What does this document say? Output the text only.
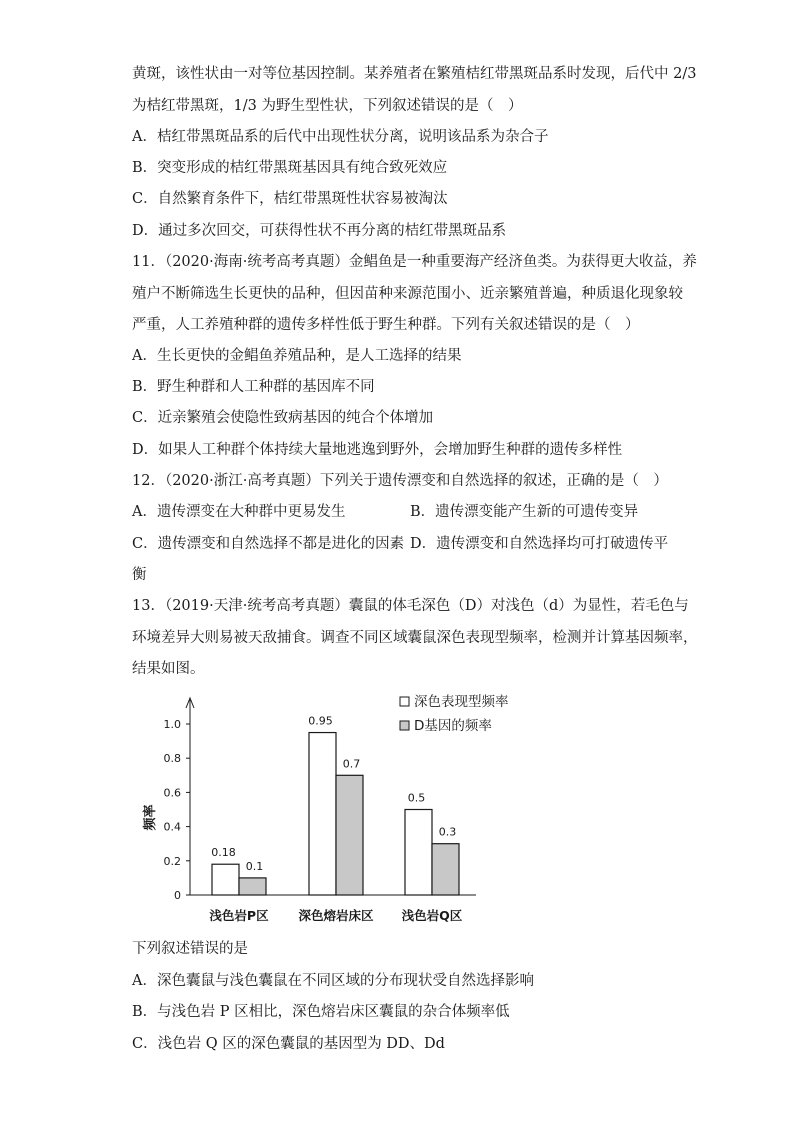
黄斑，该性状由一对等位基因控制。某养殖者在繁殖桔红带黑斑品系时发现，后代中 2/3
为桔红带黑斑，1/3 为野生型性状，下列叙述错误的是（　）
A．桔红带黑斑品系的后代中出现性状分离，说明该品系为杂合子
B．突变形成的桔红带黑斑基因具有纯合致死效应
C．自然繁育条件下，桔红带黑斑性状容易被淘汰
D．通过多次回交，可获得性状不再分离的桔红带黑斑品系
11．（2020·海南·统考高考真题）金鲳鱼是一种重要海产经济鱼类。为获得更大收益，养
殖户不断筛选生长更快的品种，但因苗种来源范围小、近亲繁殖普遍，种质退化现象较
严重，人工养殖种群的遗传多样性低于野生种群。下列有关叙述错误的是（　）
A．生长更快的金鲳鱼养殖品种，是人工选择的结果
B．野生种群和人工种群的基因库不同
C．近亲繁殖会使隐性致病基因的纯合个体增加
D．如果人工种群个体持续大量地逃逸到野外，会增加野生种群的遗传多样性
12．（2020·浙江·高考真题）下列关于遗传漂变和自然选择的叙述，正确的是（　）
A．遗传漂变在大种群中更易发生	B．遗传漂变能产生新的可遗传变异
C．遗传漂变和自然选择不都是进化的因素 D．遗传漂变和自然选择均可打破遗传平
衡
13．（2019·天津·统考高考真题）囊鼠的体毛深色（D）对浅色（d）为显性，若毛色与
环境差异大则易被天敌捕食。调查不同区域囊鼠深色表现型频率，检测并计算基因频率，
结果如图。
下列叙述错误的是
A．深色囊鼠与浅色囊鼠在不同区域的分布现状受自然选择影响
B．与浅色岩 P 区相比，深色熔岩床区囊鼠的杂合体频率低
C．浅色岩 Q 区的深色囊鼠的基因型为 DD、Dd
0
0.2
0.4
0.6
0.8
1.0
频率
浅色岩P区 深色熔岩床区 浅色岩Q区
0.18
0.1
0.95
0.7
0.5
0.3
深色表现型频率
D基因的频率
